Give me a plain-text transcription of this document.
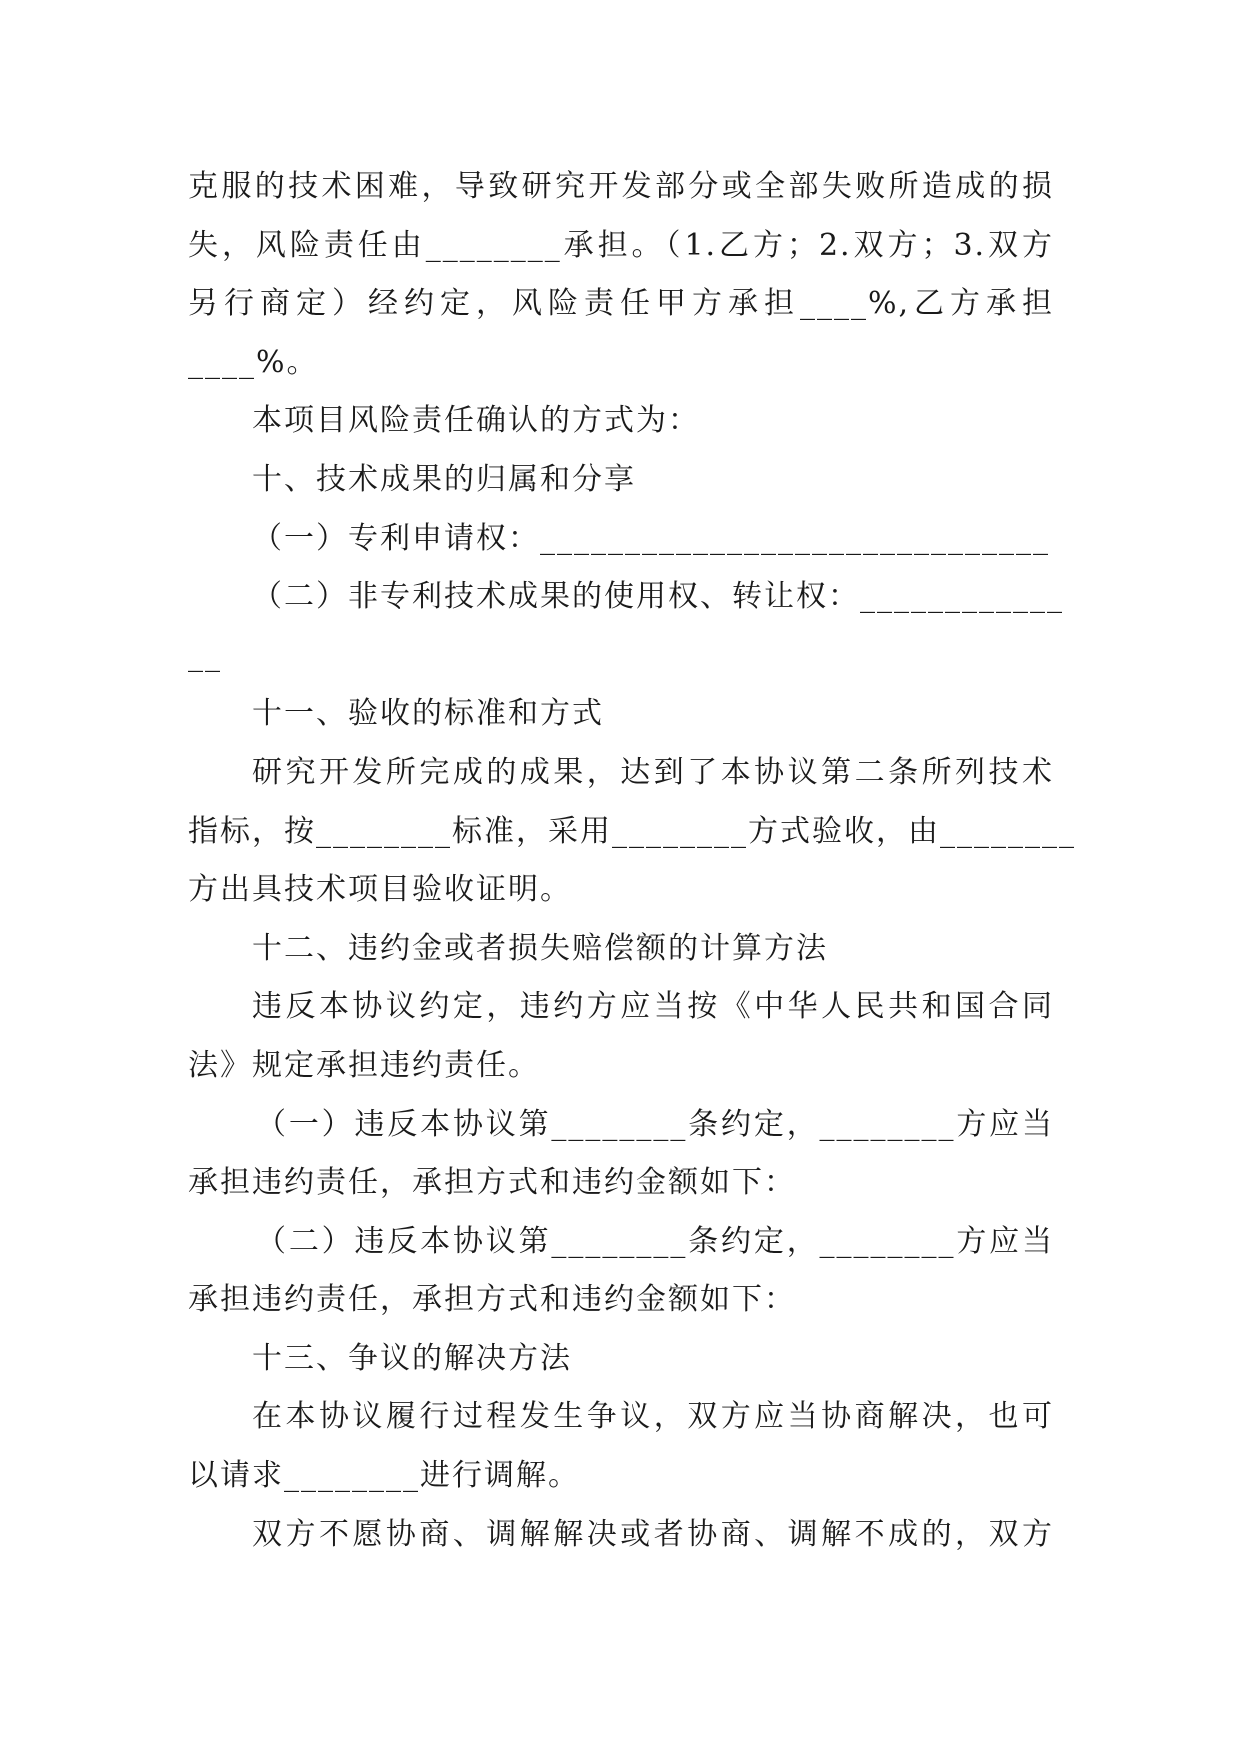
克服的技术困难，导致研究开发部分或全部失败所造成的损
失，风险责任由________承担。（1.乙方；2.双方；3.双方
另行商定）经约定，风险责任甲方承担____%,乙方承担
____%。
本项目风险责任确认的方式为：
十、技术成果的归属和分享
（一）专利申请权：______________________________
（二）非专利技术成果的使用权、转让权：____________
__
十一、验收的标准和方式
研究开发所完成的成果，达到了本协议第二条所列技术
指标，按________标准，采用________方式验收，由________
方出具技术项目验收证明。
十二、违约金或者损失赔偿额的计算方法
违反本协议约定，违约方应当按《中华人民共和国合同
法》规定承担违约责任。
（一）违反本协议第________条约定，________方应当
承担违约责任，承担方式和违约金额如下：
（二）违反本协议第________条约定，________方应当
承担违约责任，承担方式和违约金额如下：
十三、争议的解决方法
在本协议履行过程发生争议，双方应当协商解决，也可
以请求________进行调解。
双方不愿协商、调解解决或者协商、调解不成的，双方
